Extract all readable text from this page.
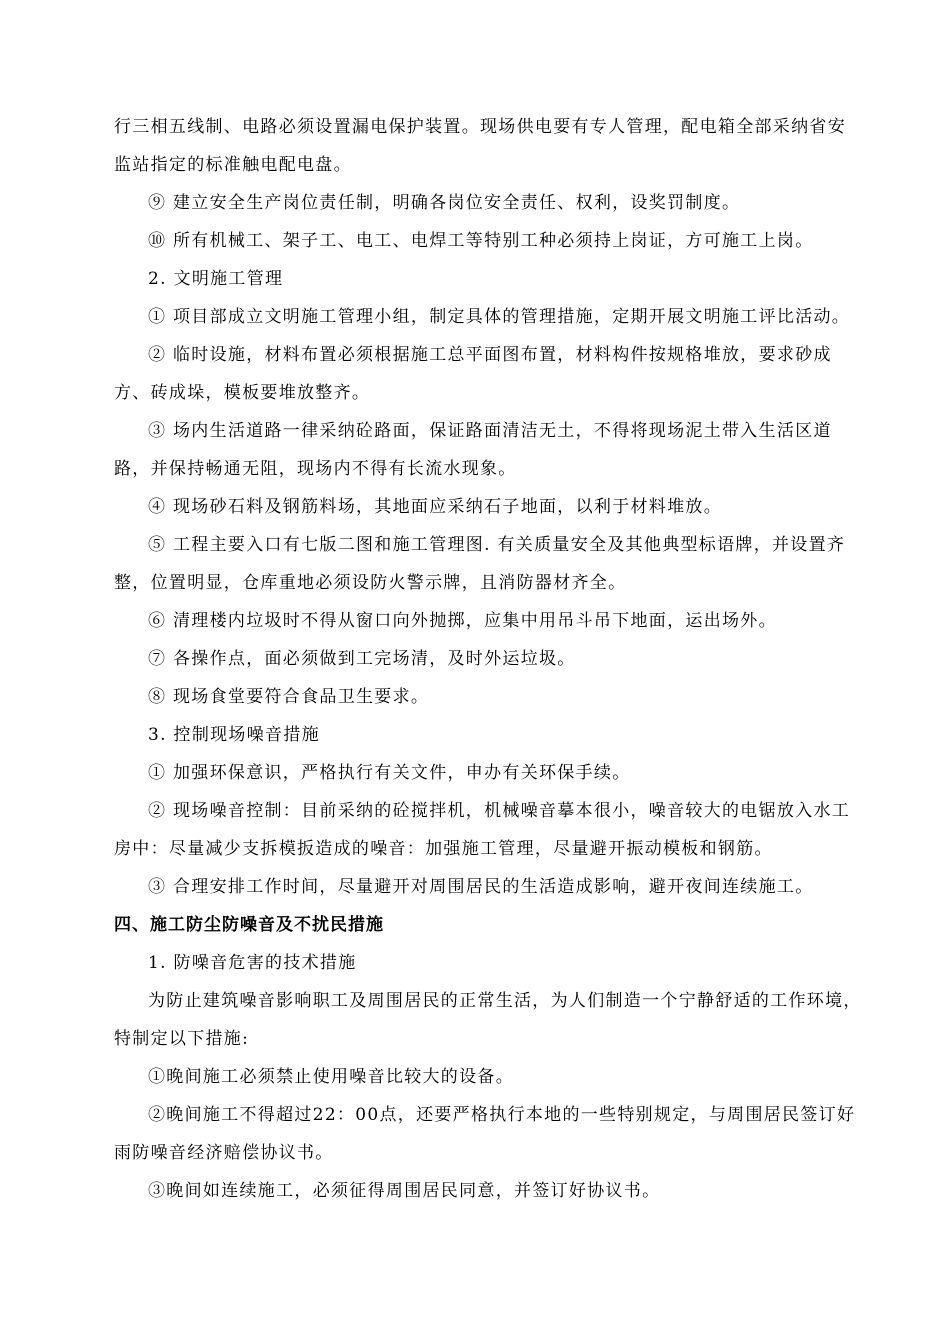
行三相五线制、电路必须设置漏电保护装置。现场供电要有专人管理，配电箱全部采纳省安监站指定的标准触电配电盘。

⑨ 建立安全生产岗位责任制，明确各岗位安全责任、权利，设奖罚制度。

⑩ 所有机械工、架子工、电工、电焊工等特别工种必须持上岗证，方可施工上岗。

2. 文明施工管理

① 项目部成立文明施工管理小组，制定具体的管理措施，定期开展文明施工评比活动。

② 临时设施，材料布置必须根据施工总平面图布置，材料构件按规格堆放，要求砂成方、砖成垛，模板要堆放整齐。

③ 场内生活道路一律采纳砼路面，保证路面清洁无土，不得将现场泥土带入生活区道路，并保持畅通无阻，现场内不得有长流水现象。

④ 现场砂石料及钢筋料场，其地面应采纳石子地面，以利于材料堆放。

⑤ 工程主要入口有七版二图和施工管理图. 有关质量安全及其他典型标语牌，并设置齐整，位置明显，仓库重地必须设防火警示牌，且消防器材齐全。

⑥ 清理楼内垃圾时不得从窗口向外抛掷，应集中用吊斗吊下地面，运出场外。

⑦ 各操作点，面必须做到工完场清，及时外运垃圾。

⑧ 现场食堂要符合食品卫生要求。

3. 控制现场噪音措施

① 加强环保意识，严格执行有关文件，申办有关环保手续。

② 现场噪音控制：目前采纳的砼搅拌机，机械噪音摹本很小，噪音较大的电锯放入水工房中：尽量减少支拆模扳造成的噪音：加强施工管理，尽量避开振动模板和钢筋。

③ 合理安排工作时间，尽量避开对周围居民的生活造成影响，避开夜间连续施工。

四、施工防尘防噪音及不扰民措施

1. 防噪音危害的技术措施

为防止建筑噪音影响职工及周围居民的正常生活，为人们制造一个宁静舒适的工作环境，特制定以下措施:

①晚间施工必须禁止使用噪音比较大的设备。

②晚间施工不得超过22：00点，还要严格执行本地的一些特别规定，与周围居民签订好雨防噪音经济赔偿协议书。

③晚间如连续施工，必须征得周围居民同意，并签订好协议书。
